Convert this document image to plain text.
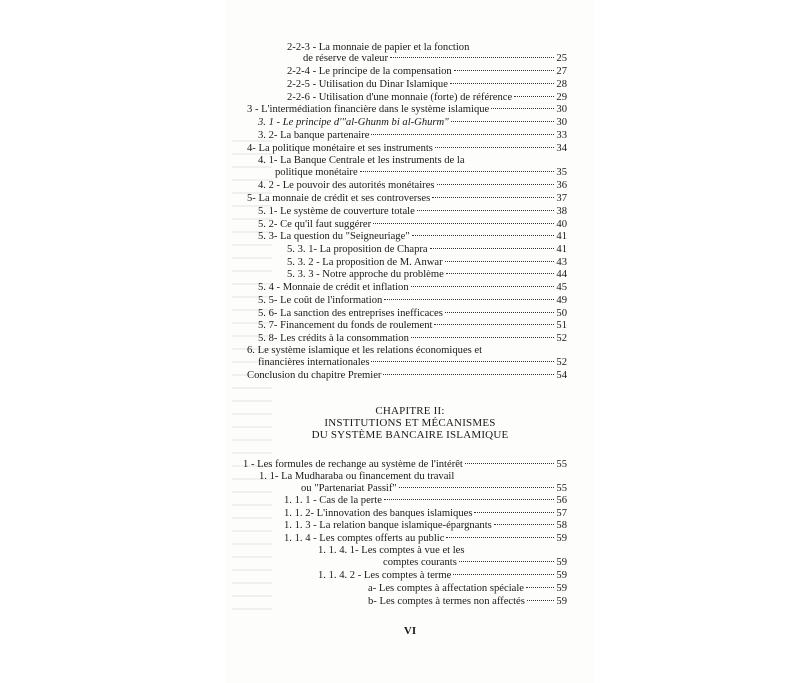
2-2-3 - La monnaie de papier et la fonction
de réserve de valeur	25
2-2-4 - Le principe de la compensation	27
2-2-5 - Utilisation du Dinar Islamique	28
2-2-6 - Utilisation d'une monnaie (forte) de référence	29
3 - L'intermédiation financière dans le système islamique	30
3. 1 - Le principe d'"al-Ghunm bi al-Ghurm"	30
3. 2- La banque partenaire	33
4- La politique monétaire et ses instruments	34
4. 1- La Banque Centrale et les instruments de la
politique monétaire	35
4. 2 - Le pouvoir des autorités monétaires	36
5- La monnaie de crédit et ses controverses	37
5. 1- Le système de couverture totale	38
5. 2- Ce qu'il faut suggérer	40
5. 3- La question du "Seigneuriage"	41
5. 3. 1- La proposition de Chapra	41
5. 3. 2 - La proposition de M. Anwar	43
5. 3. 3 - Notre approche du problème	44
5. 4 - Monnaie de crédit et inflation	45
5. 5- Le coût de l'information	49
5. 6- La sanction des entreprises inefficaces	50
5. 7- Financement du fonds de roulement	51
5. 8- Les crédits à la consommation	52
6. Le système islamique et les relations économiques et
financières internationales	52
Conclusion du chapitre Premier	54
CHAPITRE II:
INSTITUTIONS ET MÉCANISMES
DU SYSTÈME BANCAIRE ISLAMIQUE
1 - Les formules de rechange au système de l'intérêt	55
1. 1- La Mudharaba ou financement du travail
ou "Partenariat Passif"	55
1. 1. 1 - Cas de la perte	56
1. 1. 2- L'innovation des banques islamiques	57
1. 1. 3 - La relation banque islamique-épargnants	58
1. 1. 4 - Les comptes offerts au public	59
1. 1. 4. 1- Les comptes à vue et les
comptes courants	59
1. 1. 4. 2 - Les comptes à terme	59
a- Les comptes à affectation spéciale	59
b- Les comptes à termes non affectés	59
VI
